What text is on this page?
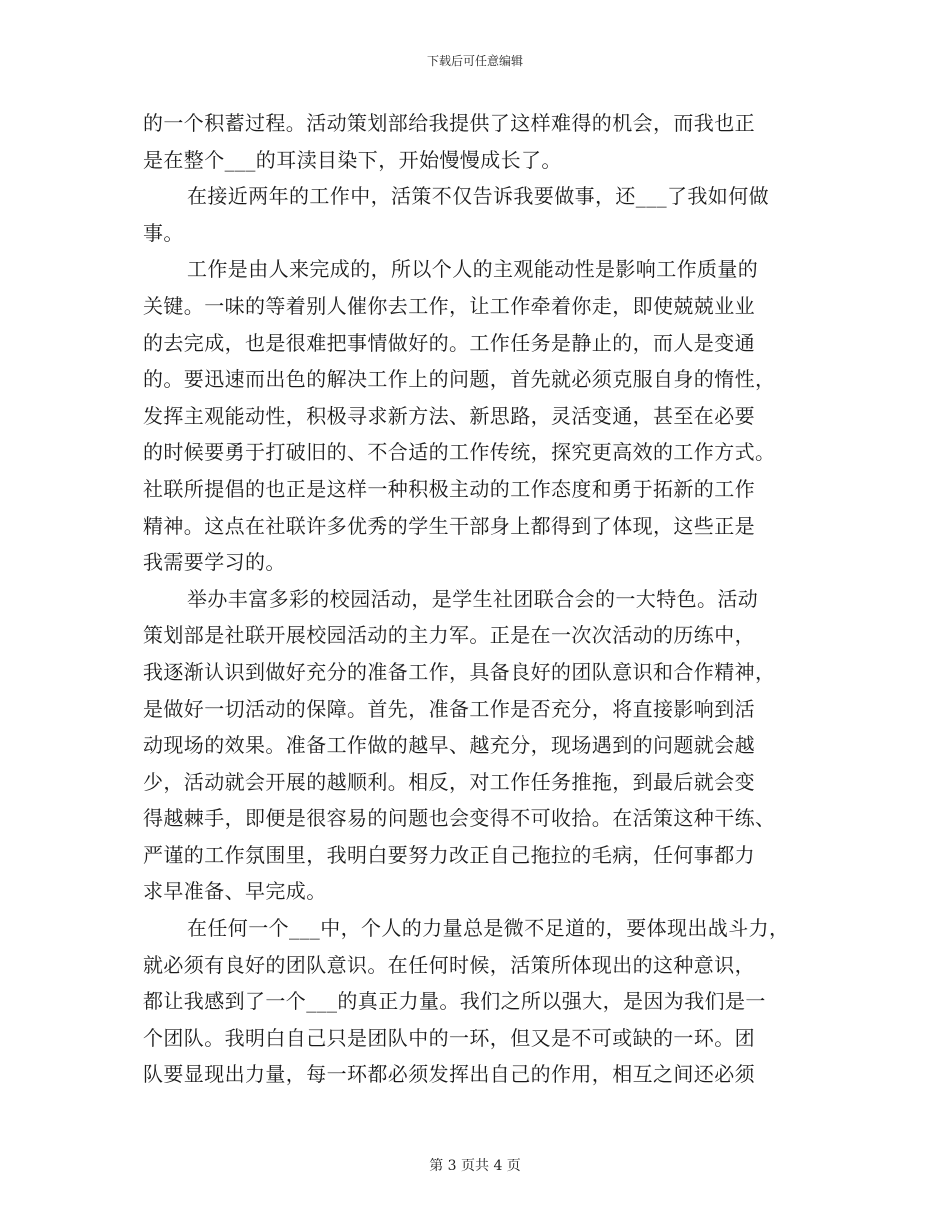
下载后可任意编辑
的一个积蓄过程。活动策划部给我提供了这样难得的机会，而我也正
是在整个___的耳渎目染下，开始慢慢成长了。
在接近两年的工作中，活策不仅告诉我要做事，还___了我如何做
事。
工作是由人来完成的，所以个人的主观能动性是影响工作质量的
关键。一味的等着别人催你去工作，让工作牵着你走，即使兢兢业业
的去完成，也是很难把事情做好的。工作任务是静止的，而人是变通
的。要迅速而出色的解决工作上的问题，首先就必须克服自身的惰性，
发挥主观能动性，积极寻求新方法、新思路，灵活变通，甚至在必要
的时候要勇于打破旧的、不合适的工作传统，探究更高效的工作方式。
社联所提倡的也正是这样一种积极主动的工作态度和勇于拓新的工作
精神。这点在社联许多优秀的学生干部身上都得到了体现，这些正是
我需要学习的。
举办丰富多彩的校园活动，是学生社团联合会的一大特色。活动
策划部是社联开展校园活动的主力军。正是在一次次活动的历练中，
我逐渐认识到做好充分的准备工作，具备良好的团队意识和合作精神，
是做好一切活动的保障。首先，准备工作是否充分，将直接影响到活
动现场的效果。准备工作做的越早、越充分，现场遇到的问题就会越
少，活动就会开展的越顺利。相反，对工作任务推拖，到最后就会变
得越棘手，即便是很容易的问题也会变得不可收拾。在活策这种干练、
严谨的工作氛围里，我明白要努力改正自己拖拉的毛病，任何事都力
求早准备、早完成。
在任何一个___中，个人的力量总是微不足道的，要体现出战斗力，
就必须有良好的团队意识。在任何时候，活策所体现出的这种意识，
都让我感到了一个___的真正力量。我们之所以强大，是因为我们是一
个团队。我明白自己只是团队中的一环，但又是不可或缺的一环。团
队要显现出力量，每一环都必须发挥出自己的作用，相互之间还必须
第 3 页共 4 页
